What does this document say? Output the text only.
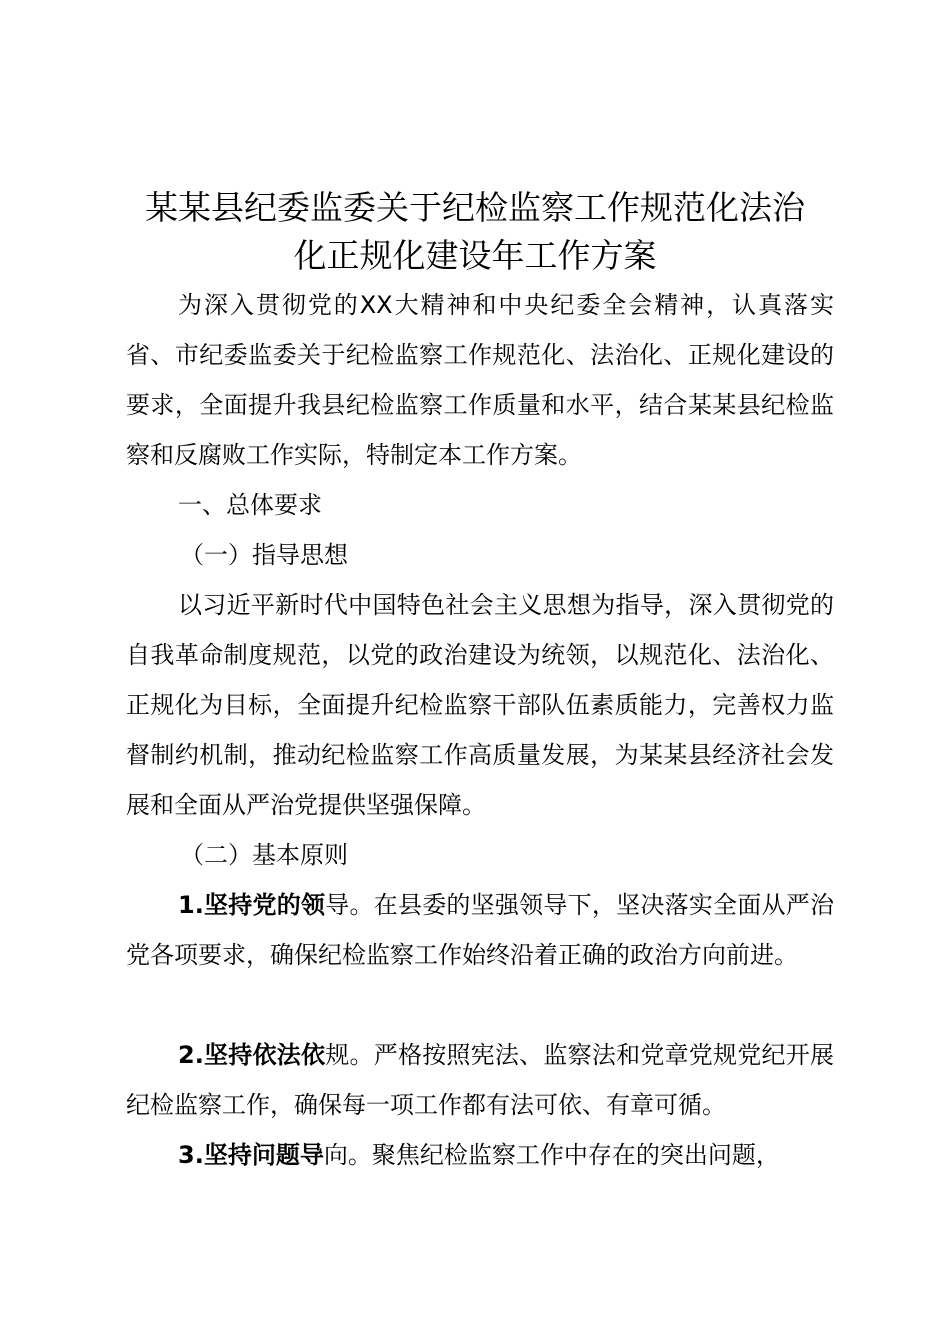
某某县纪委监委关于纪检监察工作规范化法治
化正规化建设年工作方案

为深入贯彻党的XX大精神和中央纪委全会精神，认真落实省、市纪委监委关于纪检监察工作规范化、法治化、正规化建设的要求，全面提升我县纪检监察工作质量和水平，结合某某县纪检监察和反腐败工作实际，特制定本工作方案。

一、总体要求

（一）指导思想

以习近平新时代中国特色社会主义思想为指导，深入贯彻党的自我革命制度规范，以党的政治建设为统领，以规范化、法治化、正规化为目标，全面提升纪检监察干部队伍素质能力，完善权力监督制约机制，推动纪检监察工作高质量发展，为某某县经济社会发展和全面从严治党提供坚强保障。

（二）基本原则

1.坚持党的领导。在县委的坚强领导下，坚决落实全面从严治党各项要求，确保纪检监察工作始终沿着正确的政治方向前进。

2.坚持依法依规。严格按照宪法、监察法和党章党规党纪开展纪检监察工作，确保每一项工作都有法可依、有章可循。

3.坚持问题导向。聚焦纪检监察工作中存在的突出问题，
